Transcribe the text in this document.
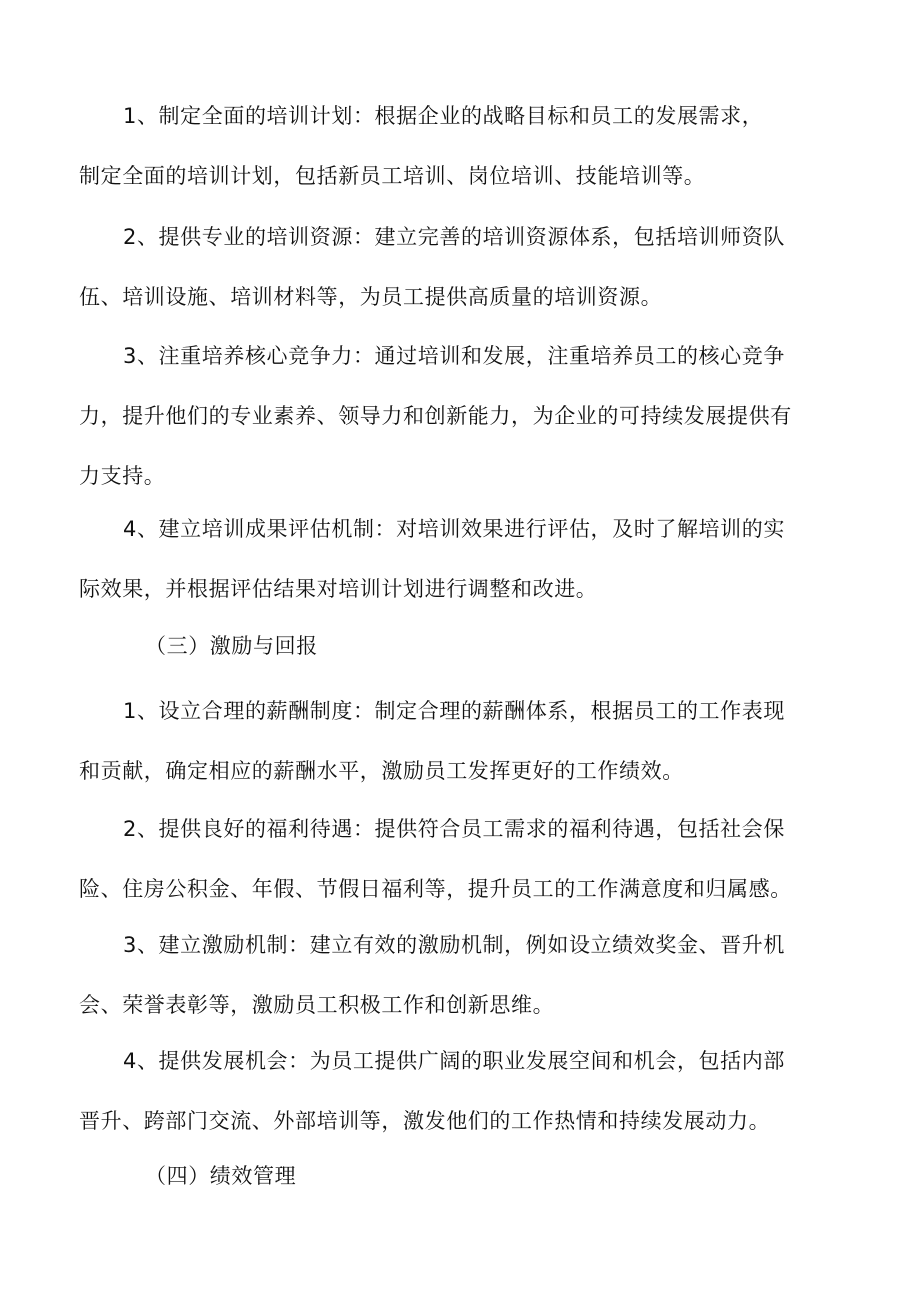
1、制定全面的培训计划：根据企业的战略目标和员工的发展需求，
制定全面的培训计划，包括新员工培训、岗位培训、技能培训等。
2、提供专业的培训资源：建立完善的培训资源体系，包括培训师资队
伍、培训设施、培训材料等，为员工提供高质量的培训资源。
3、注重培养核心竞争力：通过培训和发展，注重培养员工的核心竞争
力，提升他们的专业素养、领导力和创新能力，为企业的可持续发展提供有
力支持。
4、建立培训成果评估机制：对培训效果进行评估，及时了解培训的实
际效果，并根据评估结果对培训计划进行调整和改进。
（三）激励与回报
1、设立合理的薪酬制度：制定合理的薪酬体系，根据员工的工作表现
和贡献，确定相应的薪酬水平，激励员工发挥更好的工作绩效。
2、提供良好的福利待遇：提供符合员工需求的福利待遇，包括社会保
险、住房公积金、年假、节假日福利等，提升员工的工作满意度和归属感。
3、建立激励机制：建立有效的激励机制，例如设立绩效奖金、晋升机
会、荣誉表彰等，激励员工积极工作和创新思维。
4、提供发展机会：为员工提供广阔的职业发展空间和机会，包括内部
晋升、跨部门交流、外部培训等，激发他们的工作热情和持续发展动力。
（四）绩效管理
